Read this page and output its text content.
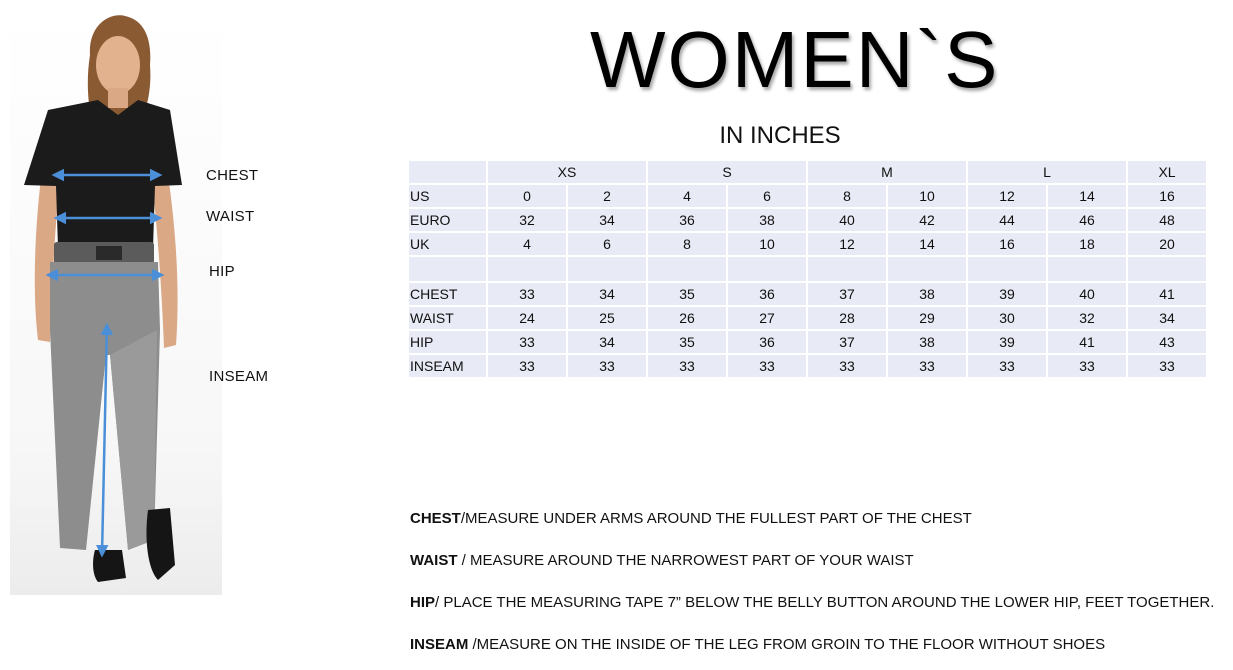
CHEST
WAIST
HIP
INSEAM
WOMEN`S
IN INCHES
	XS		S		M		L		XL
US	0	2	4	6	8	10	12	14	16
EURO	32	34	36	38	40	42	44	46	48
UK	4	6	8	10	12	14	16	18	20

CHEST	33	34	35	36	37	38	39	40	41
WAIST	24	25	26	27	28	29	30	32	34
HIP	33	34	35	36	37	38	39	41	43
INSEAM	33	33	33	33	33	33	33	33	33
CHEST/MEASURE UNDER ARMS AROUND THE FULLEST PART OF THE CHEST
WAIST / MEASURE AROUND THE NARROWEST PART OF YOUR WAIST
HIP/ PLACE THE MEASURING TAPE 7” BELOW THE BELLY BUTTON AROUND THE LOWER HIP, FEET TOGETHER.
INSEAM /MEASURE ON THE INSIDE OF THE LEG FROM GROIN TO THE FLOOR WITHOUT SHOES
